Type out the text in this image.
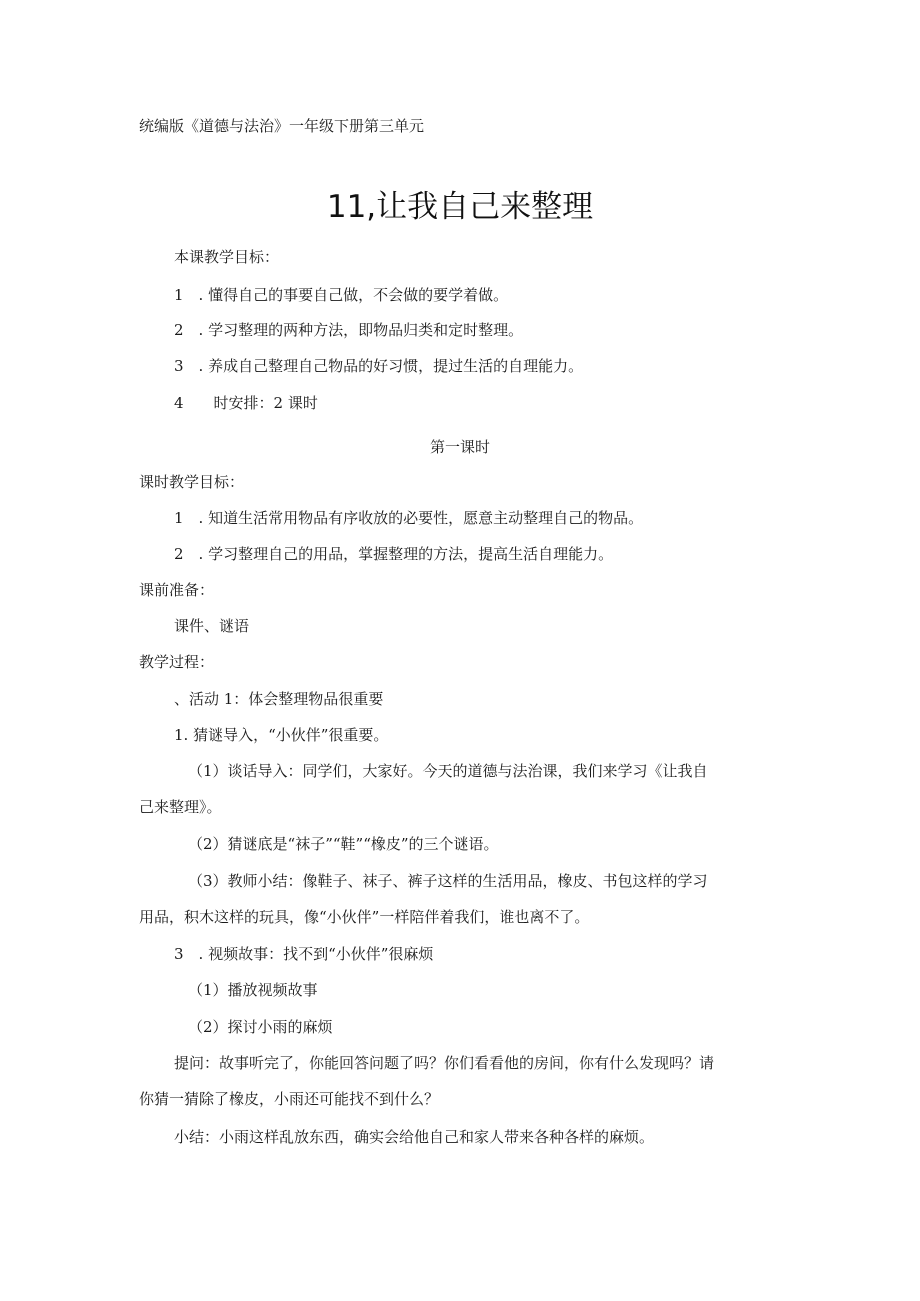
统编版《道德与法治》一年级下册第三单元
11,让我自己来整理
本课教学目标：
1　. 懂得自己的事要自己做，不会做的要学着做。
2　. 学习整理的两种方法，即物品归类和定时整理。
3　. 养成自己整理自己物品的好习惯，提过生活的自理能力。
4　　时安排：2 课时
第一课时
课时教学目标：
1　. 知道生活常用物品有序收放的必要性，愿意主动整理自己的物品。
2　. 学习整理自己的用品，掌握整理的方法，提高生活自理能力。
课前准备：
课件、谜语
教学过程：
、活动 1：体会整理物品很重要
1. 猜谜导入，“小伙伴”很重要。
（1）谈话导入：同学们，大家好。今天的道德与法治课，我们来学习《让我自
己来整理》。
（2）猜谜底是“袜子”“鞋”“橡皮”的三个谜语。
（3）教师小结：像鞋子、袜子、裤子这样的生活用品，橡皮、书包这样的学习
用品，积木这样的玩具，像“小伙伴”一样陪伴着我们，谁也离不了。
3　. 视频故事：找不到“小伙伴”很麻烦
（1）播放视频故事
（2）探讨小雨的麻烦
提问：故事听完了，你能回答问题了吗？你们看看他的房间，你有什么发现吗？请
你猜一猜除了橡皮，小雨还可能找不到什么？
小结：小雨这样乱放东西，确实会给他自己和家人带来各种各样的麻烦。
